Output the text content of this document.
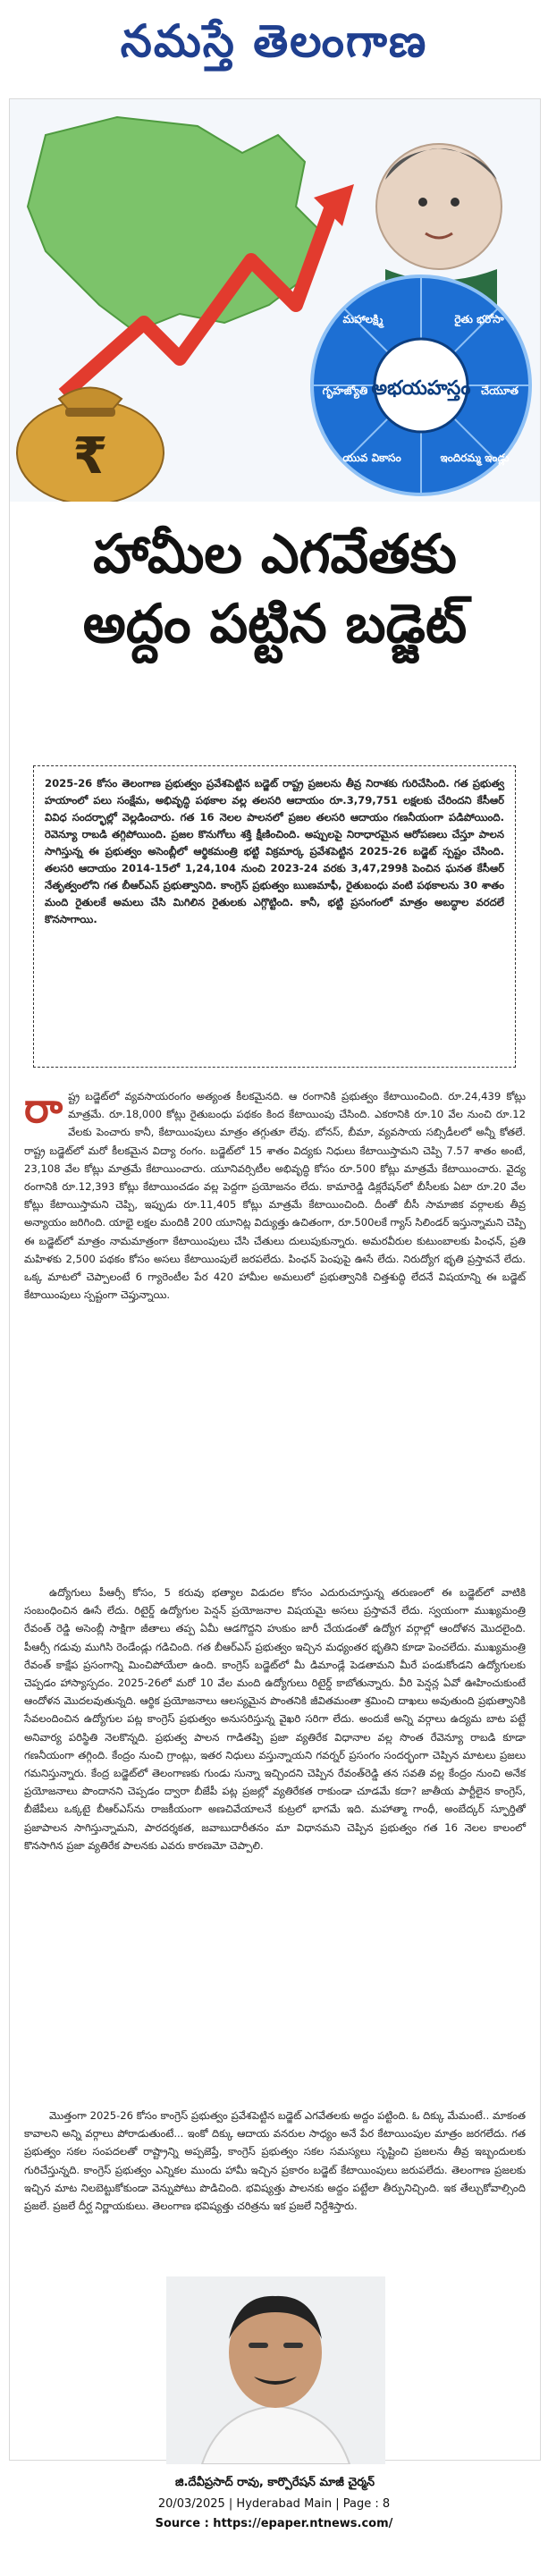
నమస్తే తెలంగాణ
₹
అభయహస్తం
మహాలక్ష్మి	రైతు భరోసా
గృహజ్యోతి	చేయూత
యువ వికాసం	ఇందిరమ్మ ఇండ్లు
హామీల ఎగవేతకు
అద్దం పట్టిన బడ్జెట్
2025-26 కోసం తెలంగాణ ప్రభుత్వం ప్రవేశపెట్టిన బడ్జెట్ రాష్ట్ర ప్రజలను తీవ్ర నిరాశకు గురిచేసింది. గత ప్రభుత్వ హయాంలో పలు సంక్షేమ, అభివృద్ధి పథకాల వల్ల తలసరి ఆదాయం రూ.3,79,751 లక్షలకు చేరిందని కేసీఆర్ వివిధ సందర్భాల్లో వెల్లడించారు. గత 16 నెలల పాలనలో ప్రజల తలసరి ఆదాయం గణనీయంగా పడిపోయింది. రెవెన్యూ రాబడి తగ్గిపోయింది. ప్రజల కొనుగోలు శక్తి క్షీణించింది. అప్పులపై నిరాధారమైన ఆరోపణలు చేస్తూ పాలన సాగిస్తున్న ఈ ప్రభుత్వం అసెంబ్లీలో ఆర్థికమంత్రి భట్టి విక్రమార్క ప్రవేశపెట్టిన 2025-26 బడ్జెట్ స్పష్టం చేసింది. తలసరి ఆదాయం 2014-15లో 1,24,104 నుంచి 2023-24 వరకు 3,47,299కి పెంచిన ఘనత కేసీఆర్ నేతృత్వంలోని గత బీఆర్ఎస్ ప్రభుత్వానిది. కాంగ్రెస్ ప్రభుత్వం ఋణమాఫీ, రైతుబంధు వంటి పథకాలను 30 శాతం మంది రైతులకే అమలు చేసి మిగిలిన రైతులకు ఎగ్గొట్టింది. కానీ, భట్టి ప్రసంగంలో మాత్రం అబద్ధాల వరదలే కొనసాగాయి.

రాష్ట్ర బడ్జెట్‌లో వ్యవసాయరంగం అత్యంత కీలకమైనది. ఆ రంగానికి ప్రభుత్వం కేటాయించింది. రూ.24,439 కోట్లు మాత్రమే. రూ.18,000 కోట్లు రైతుబంధు పథకం కింద కేటాయింపు చేసింది. ఎకరానికి రూ.10 వేల నుంచి రూ.12 వేలకు పెంచారు కానీ, కేటాయింపులు మాత్రం తగ్గుతూ లేవు. బోనస్, బీమా, వ్యవసాయ సబ్సిడీలలో అన్నీ కోతలే. రాష్ట్ర బడ్జెట్‌లో మరో కీలకమైన విద్యా రంగం. బడ్జెట్‌లో 15 శాతం విద్యకు నిధులు కేటాయిస్తామని చెప్పి 7.57 శాతం అంటే, 23,108 వేల కోట్లు మాత్రమే కేటాయించారు. యూనివర్సిటీల అభివృద్ధి కోసం రూ.500 కోట్లు మాత్రమే కేటాయించారు. వైద్య రంగానికి రూ.12,393 కోట్లు కేటాయించడం వల్ల పెద్దగా ప్రయోజనం లేదు. కామారెడ్డి డిక్లరేషన్‌లో బీసీలకు ఏటా రూ.20 వేల కోట్లు కేటాయిస్తామని చెప్పి, ఇప్పుడు రూ.11,405 కోట్లు మాత్రమే కేటాయించింది. దీంతో బీసీ సామాజిక వర్గాలకు తీవ్ర అన్యాయం జరిగింది. యాభై లక్షల మందికి 200 యూనిట్ల విద్యుత్తు ఉచితంగా, రూ.500లకే గ్యాస్ సిలిండర్ ఇస్తున్నామని చెప్పి ఈ బడ్జెట్‌లో మాత్రం నామమాత్రంగా కేటాయింపులు చేసి చేతులు దులుపుకున్నారు. అమరవీరుల కుటుంబాలకు పింఛన్, ప్రతి మహిళకు 2,500 పథకం కోసం అసలు కేటాయింపులే జరపలేదు. పింఛన్ పెంపుపై ఊసే లేదు. నిరుద్యోగ భృతి ప్రస్తావనే లేదు. ఒక్క మాటలో చెప్పాలంటే 6 గ్యారెంటీల పేర 420 హామీల అమలులో ప్రభుత్వానికి చిత్తశుద్ధి లేదనే విషయాన్ని ఈ బడ్జెట్ కేటాయింపులు స్పష్టంగా చెప్తున్నాయి.

ఉద్యోగులు పీఆర్సీ కోసం, 5 కరువు భత్యాల విడుదల కోసం ఎదురుచూస్తున్న తరుణంలో ఈ బడ్జెట్‌లో వాటికి సంబంధించిన ఊసే లేదు. రిటైర్డ్ ఉద్యోగుల పెన్షన్ ప్రయోజనాల విషయమై అసలు ప్రస్తావనే లేదు. స్వయంగా ముఖ్యమంత్రి రేవంత్ రెడ్డి అసెంబ్లీ సాక్షిగా జీతాలు తప్ప ఏమీ ఆడగొద్దని హుకుం జారీ చేయడంతో ఉద్యోగ వర్గాల్లో ఆందోళన మొదలైంది. పీఆర్సీ గడువు ముగిసి రెండేండ్లు గడిచింది. గత బీఆర్ఎస్ ప్రభుత్వం ఇచ్చిన మధ్యంతర భృతిని కూడా పెంచలేదు. ముఖ్యమంత్రి రేవంత్ కాక్షేప ప్రసంగాన్ని మించిపోయేలా ఉంది. కాంగ్రెస్ బడ్జెట్‌లో మీ డిమాండ్లే పెడతామని మీరే పండుకోండని ఉద్యోగులకు చెప్పడం హాస్యాస్పదం. 2025-26లో మరో 10 వేల మంది ఉద్యోగులు రిటైర్డ్ కాబోతున్నారు. వీరి పెన్షన్ల ఏవో ఊహించుకుంటే ఆందోళన మొదలవుతున్నది. ఆర్థిక ప్రయోజనాలు ఆలస్యమైన పొంతనికి జీవితమంతా శ్రమించి దాఖలు అవుతుంది ప్రభుత్వానికి సేవలందించిన ఉద్యోగుల పట్ల కాంగ్రెస్ ప్రభుత్వం అనుసరిస్తున్న వైఖరి సరిగా లేదు. అందుకే అన్ని వర్గాలు ఉద్యమ బాట పట్టే అనివార్య పరిస్థితి నెలకొన్నది. ప్రభుత్వ పాలన గాడితప్పి ప్రజా వ్యతిరేక విధానాల వల్ల సొంత రేవెన్యూ రాబడి కూడా గణనీయంగా తగ్గింది. కేంద్రం నుంచి గ్రాంట్లు, ఇతర నిధులు వస్తున్నాయని గవర్నర్ ప్రసంగం సందర్భంగా చెప్పిన మాటలు ప్రజలు గమనిస్తున్నారు. కేంద్ర బడ్జెట్‌లో తెలంగాణకు గుండు సున్నా ఇచ్చిందని చెప్పిన రేవంత్‌రెడ్డి తన సవతి వల్ల కేంద్రం నుంచి అనేక ప్రయోజనాలు పొందానని చెప్పడం ద్వారా బీజేపీ పట్ల ప్రజల్లో వ్యతిరేకత రాకుండా చూడమే కదా? జాతీయ పార్టీలైన కాంగ్రెస్, బీజేపీలు ఒక్కటై బీఆర్ఎస్‌ను రాజకీయంగా అణచివేయాలనే కుట్రలో భాగమే ఇది. మహాత్మా గాంధీ, అంబేద్కర్ స్ఫూర్తితో ప్రజాపాలన సాగిస్తున్నామని, పారదర్శకత, జవాబుదారీతనం మా విధానమని చెప్పిన ప్రభుత్వం గత 16 నెలల కాలంలో కొనసాగిన ప్రజా వ్యతిరేక పాలనకు ఎవరు కారణమో చెప్పాలి.

మొత్తంగా 2025-26 కోసం కాంగ్రెస్ ప్రభుత్వం ప్రవేశపెట్టిన బడ్జెట్ ఎగవేతలకు అద్దం పట్టింది. ఓ దిక్కు మేమంటే.. మాకంత కావాలని అన్ని వర్గాలు పోరాడుతుంటే... ఇంకో దిక్కు ఆదాయ వనరుల సాధ్యం అనే పేర కేటాయింపుల మాత్రం జరగలేదు. గత ప్రభుత్వం సకల సంపదలతో రాష్ట్రాన్ని అప్పజెప్తే, కాంగ్రెస్ ప్రభుత్వం సకల సమస్యలు సృష్టించి ప్రజలను తీవ్ర ఇబ్బందులకు గురిచేస్తున్నది. కాంగ్రెస్ ప్రభుత్వం ఎన్నికల ముందు హామీ ఇచ్చిన ప్రకారం బడ్జెట్ కేటాయింపులు జరుపలేదు. తెలంగాణ ప్రజలకు ఇచ్చిన మాట నిలబెట్టుకోకుండా వెన్నుపోటు పొడిచింది. భవిష్యత్తు పాలనకు అద్దం పట్టేలా తీర్పునిచ్చింది. ఇక తేల్చుకోవాల్సింది ప్రజలే. ప్రజలే దీర్ఘ నిర్ణాయకులు. తెలంగాణ భవిష్యత్తు చరిత్రను ఇక ప్రజలే నిర్దేశిస్తారు.

జి.దేవీప్రసాద్ రావు, కార్పొరేషన్ మాజీ చైర్మన్
20/03/2025 | Hyderabad Main | Page : 8
Source : https://epaper.ntnews.com/
